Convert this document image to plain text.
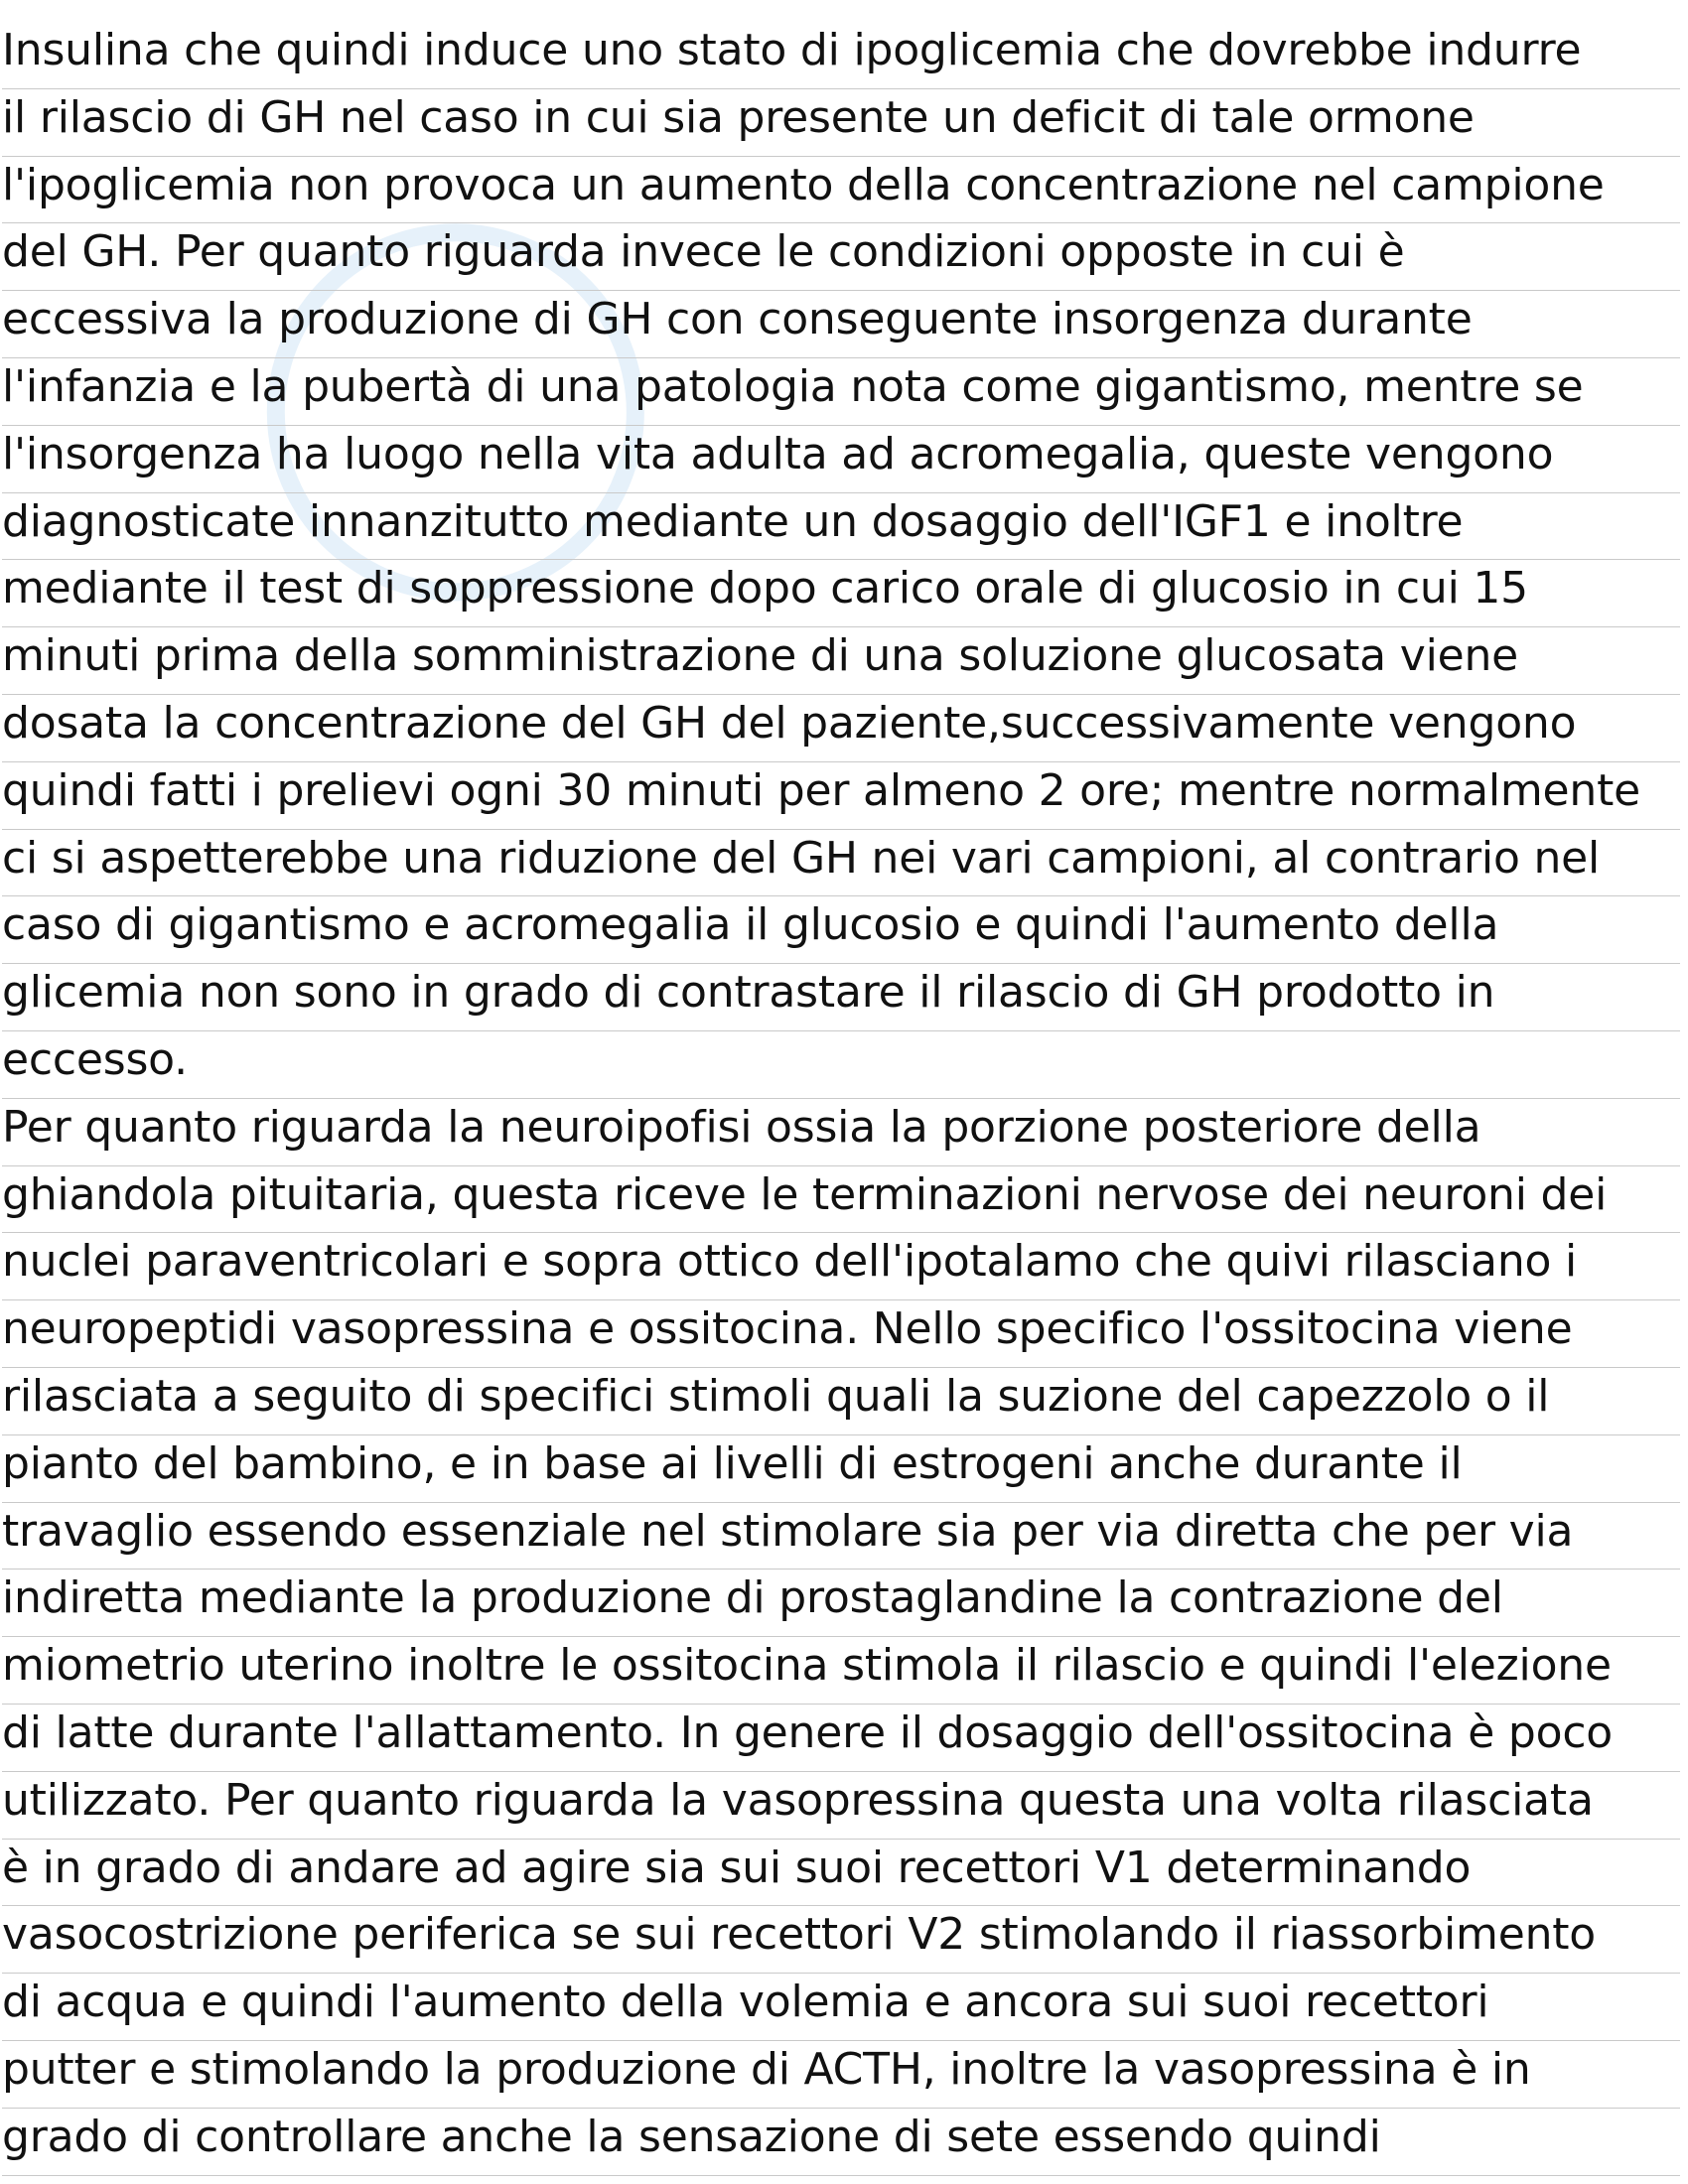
Insulina che quindi induce uno stato di ipoglicemia che dovrebbe indurre
il rilascio di GH nel caso in cui sia presente un deficit di tale ormone
l'ipoglicemia non provoca un aumento della concentrazione nel campione
del GH. Per quanto riguarda invece le condizioni opposte in cui è
eccessiva la produzione di GH con conseguente insorgenza durante
l'infanzia e la pubertà di una patologia nota come gigantismo, mentre se
l'insorgenza ha luogo nella vita adulta ad acromegalia, queste vengono
diagnosticate innanzitutto mediante un dosaggio dell'IGF1 e inoltre
mediante il test di soppressione dopo carico orale di glucosio in cui 15
minuti prima della somministrazione di una soluzione glucosata viene
dosata la concentrazione del GH del paziente,successivamente vengono
quindi fatti i prelievi ogni 30 minuti per almeno 2 ore; mentre normalmente
ci si aspetterebbe una riduzione del GH nei vari campioni, al contrario nel
caso di gigantismo e acromegalia il glucosio e quindi l'aumento della
glicemia non sono in grado di contrastare il rilascio di GH prodotto in
eccesso.
Per quanto riguarda la neuroipofisi ossia la porzione posteriore della
ghiandola pituitaria, questa riceve le terminazioni nervose dei neuroni dei
nuclei paraventricolari e sopra ottico dell'ipotalamo che quivi rilasciano i
neuropeptidi vasopressina e ossitocina. Nello specifico l'ossitocina viene
rilasciata a seguito di specifici stimoli quali la suzione del capezzolo o il
pianto del bambino, e in base ai livelli di estrogeni anche durante il
travaglio essendo essenziale nel stimolare sia per via diretta che per via
indiretta mediante la produzione di prostaglandine la contrazione del
miometrio uterino inoltre le ossitocina stimola il rilascio e quindi l'elezione
di latte durante l'allattamento. In genere il dosaggio dell'ossitocina è poco
utilizzato. Per quanto riguarda la vasopressina questa una volta rilasciata
è in grado di andare ad agire sia sui suoi recettori V1 determinando
vasocostrizione periferica se sui recettori V2 stimolando il riassorbimento
di acqua e quindi l'aumento della volemia e ancora sui suoi recettori
putter e stimolando la produzione di ACTH, inoltre la vasopressina è in
grado di controllare anche la sensazione di sete essendo quindi
